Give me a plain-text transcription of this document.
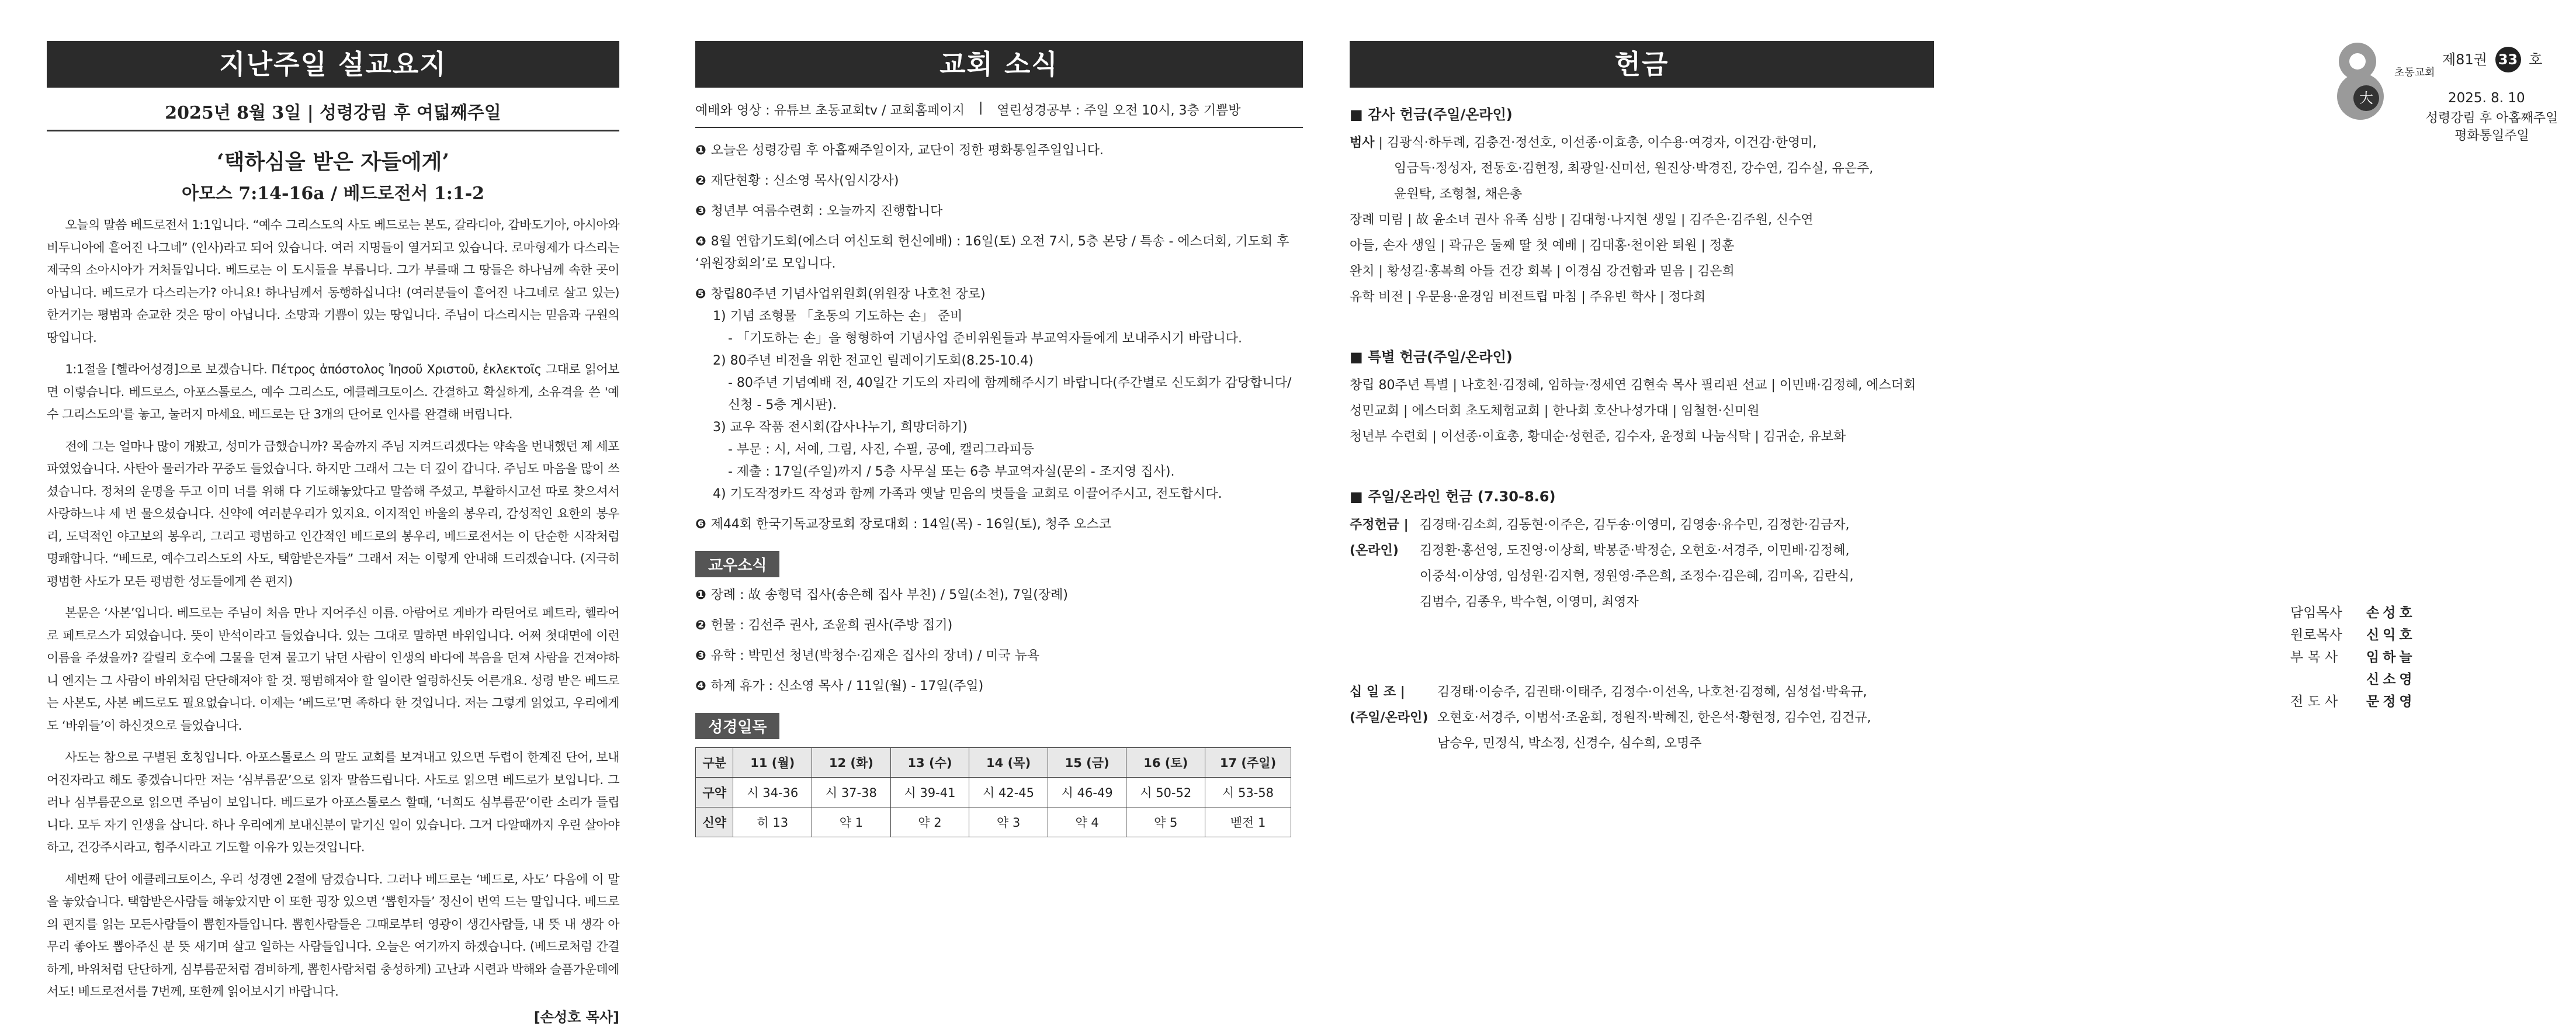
지난주일 설교요지
2025년 8월 3일 | 성령강림 후 여덟째주일
‘택하심을 받은 자들에게’
아모스 7:14-16a / 베드로전서 1:1-2

오늘의 말씀 베드로전서 1:1입니다. “예수 그리스도의 사도 베드로는 본도, 갈라디아, 갑바도기아, 아시아와 비두니아에 흩어진 나그네” (인사)라고 되어 있습니다. 여러 지명들이 열거되고 있습니다. 로마형제가 다스리는 제국의 소아시아가 거처들입니다. 베드로는 이 도시들을 부릅니다. 그가 부를때 그 땅들은 하나님께 속한 곳이 아닙니다. 베드로가 다스리는가? 아니요! 하나님께서 동행하십니다! (여러분들이 흩어진 나그네로 살고 있는)한거기는 평범과 순교한 것은 땅이 아닙니다. 소망과 기쁨이 있는 땅입니다. 주님이 다스리시는 믿음과 구원의 땅입니다.

1:1절을 [헬라어성경]으로 보겠습니다. Πέτρος ἀπόστολος Ἰησοῦ Χριστοῦ, ἐκλεκτοῖς 그대로 읽어보면 이렇습니다. 베드로스, 아포스톨로스, 예수 그리스도, 에클레크토이스. 간결하고 확실하게, 소유격을 쓴 '예수 그리스도의'를 놓고, 눌러지 마세요. 베드로는 단 3개의 단어로 인사를 완결해 버립니다.

전에 그는 얼마나 많이 개봤고, 성미가 급했습니까? 목숨까지 주님 지켜드리겠다는 약속을 번내했던 제 세포파였었습니다. 사탄아 물러가라 꾸중도 들었습니다. 하지만 그래서 그는 더 깊이 갑니다. 주님도 마음을 많이 쓰셨습니다. 정처의 운명을 두고 이미 너를 위해 다 기도해놓았다고 말씀해 주셨고, 부활하시고선 따로 찾으셔서 사랑하느냐 세 번 물으셨습니다. 신약에 여러분우리가 있지요. 이지적인 바울의 봉우리, 감성적인 요한의 봉우리, 도덕적인 야고보의 봉우리, 그리고 평범하고 인간적인 베드로의 봉우리, 베드로전서는 이 단순한 시작처럼 명쾌합니다. “베드로, 예수그리스도의 사도, 택함받은자들” 그래서 저는 이렇게 안내해 드리겠습니다. (지극히 평범한 사도가 모든 평범한 성도들에게 쓴 편지)

본문은 ‘사본’입니다. 베드로는 주님이 처음 만나 지어주신 이름. 아람어로 게바가 라틴어로 페트라, 헬라어로 페트로스가 되었습니다. 뜻이 반석이라고 들었습니다. 있는 그대로 말하면 바위입니다. 어쩌 첫대면에 이런 이름을 주셨을까? 갈릴리 호수에 그물을 던져 물고기 낚던 사람이 인생의 바다에 복음을 던져 사람을 건져야하니 엔지는 그 사람이 바위처럼 단단해져야 할 것. 평범해져야 할 일이란 얼렁하신듯 어른개요. 성령 받은 베드로는 사본도, 사본 베드로도 필요없습니다. 이제는 ‘베드로’면 족하다 한 것입니다. 저는 그렇게 읽었고, 우리에게도 ‘바위들’이 하신것으로 들었습니다.

사도는 참으로 구별된 호칭입니다. 아포스톨로스 의 말도 교회를 보겨내고 있으면 두렵이 한계진 단어, 보내어진자라고 해도 좋겠습니다만 저는 ‘심부름꾼’으로 읽자 말씀드립니다. 사도로 읽으면 베드로가 보입니다. 그러나 심부름꾼으로 읽으면 주님이 보입니다. 베드로가 아포스톨로스 할때, ‘너희도 심부름꾼’이란 소리가 들립니다. 모두 자기 인생을 삽니다. 하나 우리에게 보내신분이 맡기신 일이 있습니다. 그거 다알때까지 우린 살아야하고, 건강주시라고, 힘주시라고 기도할 이유가 있는것입니다.

세번째 단어 에클레크토이스, 우리 성경엔 2절에 담겼습니다. 그러나 베드로는 ‘베드로, 사도’ 다음에 이 말을 놓았습니다. 택함받은사람들 해놓았지만 이 또한 굉장 있으면 ‘뽑힌자들’ 정신이 번역 드는 말입니다. 베드로의 편지를 읽는 모든사람들이 뽑힌자들입니다. 뽑힌사람들은 그때로부터 영광이 생긴사람들, 내 뜻 내 생각 아무리 좋아도 뽑아주신 분 뜻 새기며 살고 일하는 사람들입니다. 오늘은 여기까지 하겠습니다. (베드로처럼 간결하게, 바위처럼 단단하게, 심부름꾼처럼 겸비하게, 뽑힌사람처럼 충성하게) 고난과 시련과 박해와 슬픔가운데에서도! 베드로전서를 7번께, 또한께 읽어보시기 바랍니다.

[손성호 목사]
교회 소식
예배와 영상 : 유튜브 초동교회tv / 교회홈페이지 | 열린성경공부 : 주일 오전 10시, 3층 기쁨방
❶ 오늘은 성령강림 후 아홉째주일이자, 교단이 정한 평화통일주일입니다.
❷ 재단현황 : 신소영 목사(임시강사)
❸ 청년부 여름수련회 : 오늘까지 진행합니다
❹ 8월 연합기도회(에스더 여신도회 헌신예배) : 16일(토) 오전 7시, 5층 본당 / 특송 - 에스더회, 기도회 후 ‘위원장회의’로 모입니다.
❺ 창립80주년 기념사업위원회(위원장 나호천 장로)
1) 기념 조형물 「초동의 기도하는 손」 준비
- 「기도하는 손」을 형형하여 기념사업 준비위원들과 부교역자들에게 보내주시기 바랍니다.
2) 80주년 비전을 위한 전교인 릴레이기도회(8.25-10.4)
- 80주년 기념예배 전, 40일간 기도의 자리에 함께해주시기 바랍니다(주간별로 신도회가 감당합니다/신청 - 5층 게시판).
3) 교우 작품 전시회(갑사나누기, 희망더하기)
- 부문 : 시, 서예, 그림, 사진, 수필, 공예, 캘리그라피등
- 제출 : 17일(주일)까지 / 5층 사무실 또는 6층 부교역자실(문의 - 조지영 집사).
4) 기도작정카드 작성과 함께 가족과 옛날 믿음의 벗들을 교회로 이끌어주시고, 전도합시다.
❻ 제44회 한국기독교장로회 장로대회 : 14일(목) - 16일(토), 청주 오스코
교우소식
❶ 장례 : 故 송형덕 집사(송은혜 집사 부친) / 5일(소천), 7일(장례)
❷ 헌물 : 김선주 권사, 조윤희 권사(주방 접기)
❸ 유학 : 박민선 청년(박청수·김재은 집사의 장녀) / 미국 뉴욕
❹ 하계 휴가 : 신소영 목사 / 11일(월) - 17일(주일)
성경일독
구분	11 (월)	12 (화)	13 (수)	14 (목)	15 (금)	16 (토)	17 (주일)
구약	시 34-36	시 37-38	시 39-41	시 42-45	시 46-49	시 50-52	시 53-58
신약	히 13	약 1	약 2	약 3	약 4	약 5	벧전 1
헌금
■ 감사 헌금(주일/온라인)
범사 | 김광식·하두례, 김충건·정선호, 이선종·이효총, 이수용·여경자, 이건감·한영미,
임금득·정성자, 전동호·김현정, 최광일·신미선, 원진상·박경진, 강수연, 김수실, 유은주,
윤원탁, 조형철, 채은총
장례 미림 | 故 윤소녀 권사 유족 심방 | 김대형·나지현 생일 | 김주은·김주원, 신수연
아들, 손자 생일 | 곽규은 둘째 딸 첫 예배 | 김대홍·천이완 퇴원 | 정훈
완치 | 황성길·홍복희 아들 건강 회복 | 이경심 강건함과 믿음 | 김은희
유학 비전 | 우문용·윤경임 비전트립 마침 | 주유빈 학사 | 정다희
■ 특별 헌금(주일/온라인)
창립 80주년 특별 | 나호천·김정혜, 임하늘·정세연 김현숙 목사 필리핀 선교 | 이민배·김정혜, 에스더회
성민교회 | 에스더회 초도체험교회 | 한나회 호산나성가대 | 임철헌·신미원
청년부 수련회 | 이선종·이효총, 황대순·성현준, 김수자, 윤정희 나눔식탁 | 김귀순, 유보화
■ 주일/온라인 헌금 (7.30-8.6)
주정헌금 | 김경태·김소희, 김동현·이주은, 김두송·이영미, 김영송·유수민, 김정한·김금자,
(온라인)	김정환·홍선영, 도진영·이상희, 박봉준·박정순, 오현호·서경주, 이민배·김정혜,
이중석·이상영, 임성원·김지현, 정원영·주은희, 조정수·김은혜, 김미옥, 김란식,
김범수, 김종우, 박수현, 이영미, 최영자
십 일 조 |	김경태·이승주, 김권태·이태주, 김정수·이선옥, 나호천·김정혜, 심성섭·박육규,
(주일/온라인) 오현호·서경주, 이범석·조윤희, 정원직·박혜진, 한은석·황현정, 김수연, 김건규,
남승우, 민정식, 박소정, 신경수, 심수희, 오명주
大
초동교회
제81권 33 호
2025. 8. 10
성령강림 후 아홉째주일
평화통일주일
담임목사	손성호
원로목사	신익호
부 목 사	임하늘
신소영
전 도 사	문정영
